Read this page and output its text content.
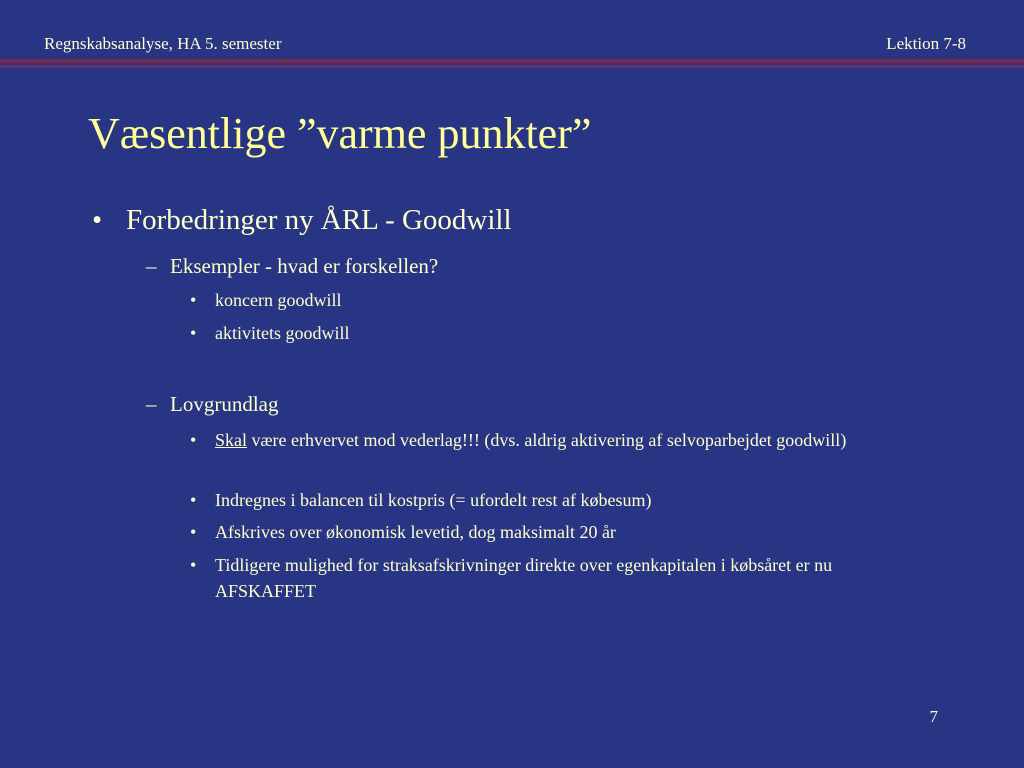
Regnskabsanalyse, HA 5. semester	Lektion 7-8
Væsentlige ”varme punkter”
• Forbedringer ny ÅRL - Goodwill
– Eksempler - hvad er forskellen?
• koncern goodwill
• aktivitets goodwill
– Lovgrundlag
• Skal være erhvervet mod vederlag!!! (dvs. aldrig aktivering af selvoparbejdet goodwill)
• Indregnes i balancen til kostpris (= ufordelt rest af købesum)
• Afskrives over økonomisk levetid, dog maksimalt 20 år
• Tidligere mulighed for straksafskrivninger direkte over egenkapitalen i købsåret er nu AFSKAFFET
7
